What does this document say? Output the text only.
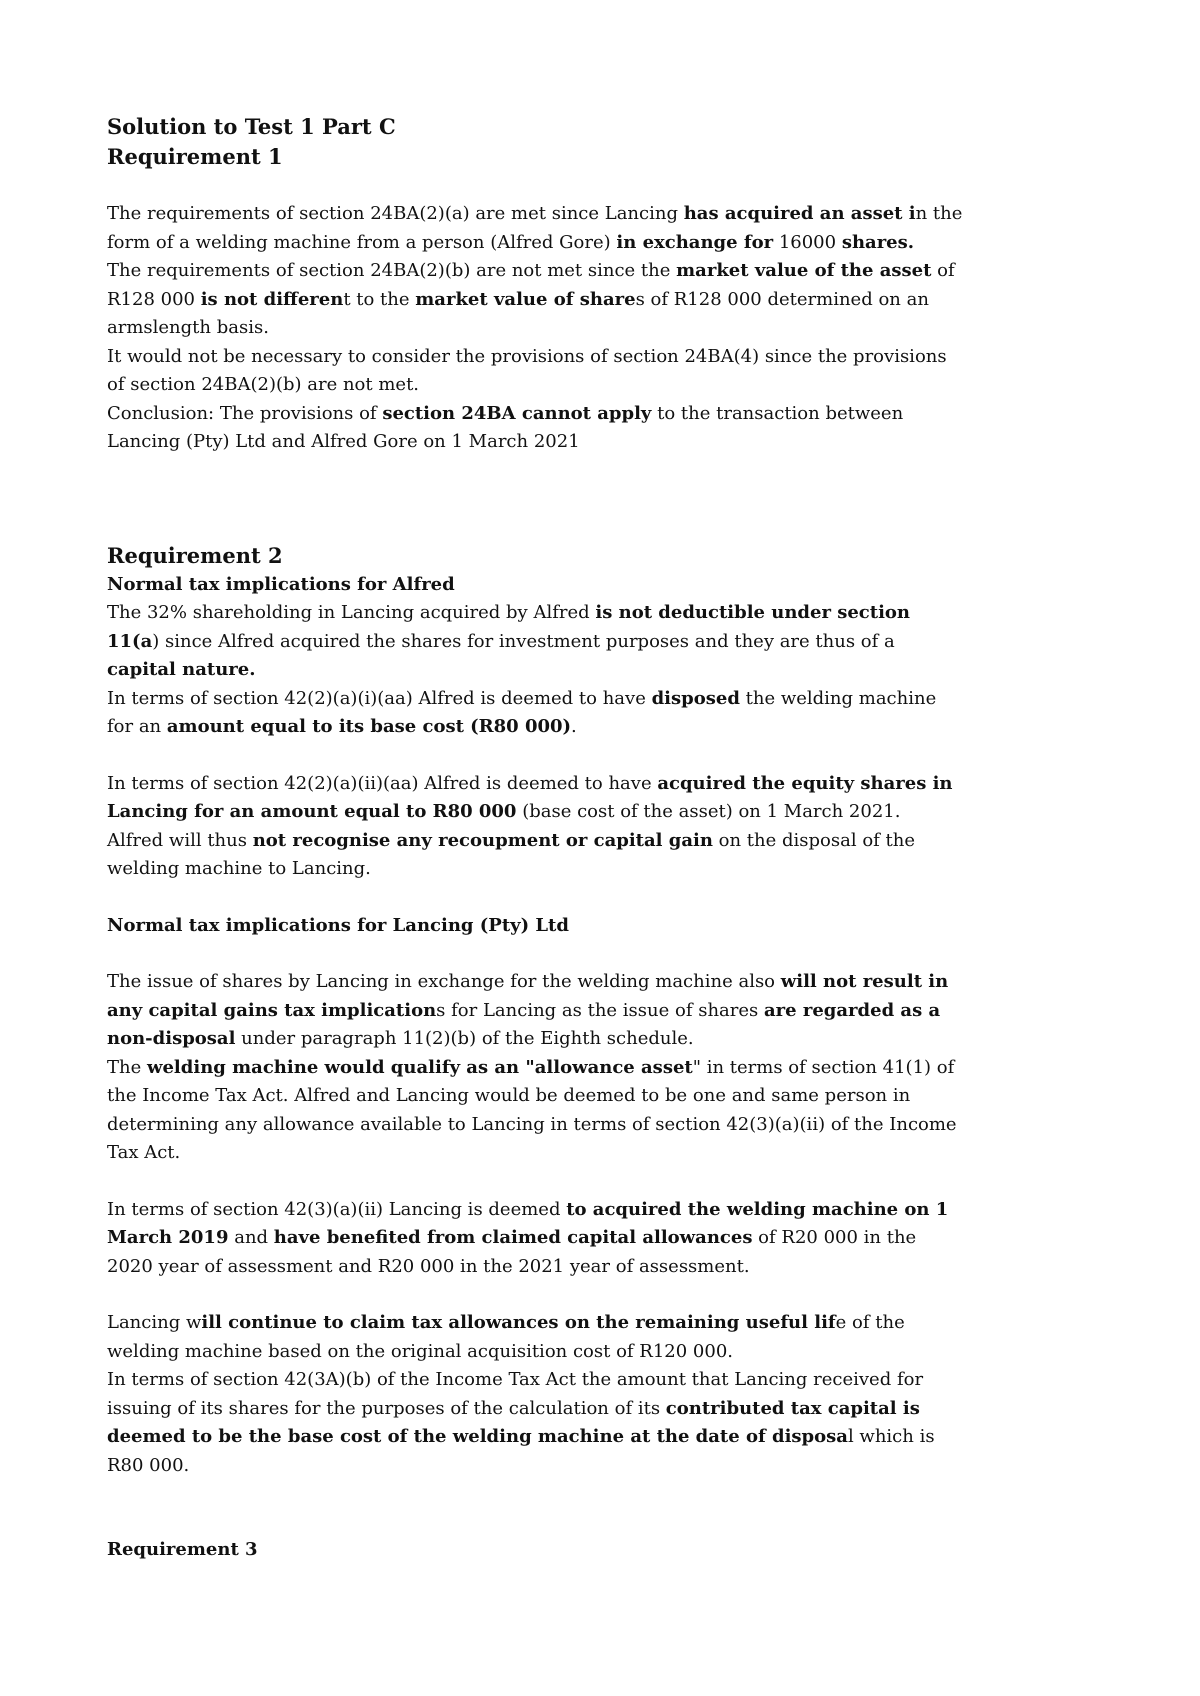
Solution to Test 1 Part C

Requirement 1

The requirements of section 24BA(2)(a) are met since Lancing has acquired an asset in the form of a welding machine from a person (Alfred Gore) in exchange for 16000 shares.

The requirements of section 24BA(2)(b) are not met since the market value of the asset of R128 000 is not different to the market value of shares of R128 000 determined on an armslength basis.

It would not be necessary to consider the provisions of section 24BA(4) since the provisions of section 24BA(2)(b) are not met.

Conclusion: The provisions of section 24BA cannot apply to the transaction between Lancing (Pty) Ltd and Alfred Gore on 1 March 2021

Requirement 2

Normal tax implications for Alfred

The 32% shareholding in Lancing acquired by Alfred is not deductible under section 11(a) since Alfred acquired the shares for investment purposes and they are thus of a capital nature.

In terms of section 42(2)(a)(i)(aa) Alfred is deemed to have disposed the welding machine for an amount equal to its base cost (R80 000).

In terms of section 42(2)(a)(ii)(aa) Alfred is deemed to have acquired the equity shares in Lancing for an amount equal to R80 000 (base cost of the asset) on 1 March 2021.

Alfred will thus not recognise any recoupment or capital gain on the disposal of the welding machine to Lancing.

Normal tax implications for Lancing (Pty) Ltd

The issue of shares by Lancing in exchange for the welding machine also will not result in any capital gains tax implications for Lancing as the issue of shares are regarded as a non-disposal under paragraph 11(2)(b) of the Eighth schedule.

The welding machine would qualify as an "allowance asset" in terms of section 41(1) of the Income Tax Act. Alfred and Lancing would be deemed to be one and same person in determining any allowance available to Lancing in terms of section 42(3)(a)(ii) of the Income Tax Act.

In terms of section 42(3)(a)(ii) Lancing is deemed to acquired the welding machine on 1 March 2019 and have benefited from claimed capital allowances of R20 000 in the 2020 year of assessment and R20 000 in the 2021 year of assessment.

Lancing will continue to claim tax allowances on the remaining useful life of the welding machine based on the original acquisition cost of R120 000.

In terms of section 42(3A)(b) of the Income Tax Act the amount that Lancing received for issuing of its shares for the purposes of the calculation of its contributed tax capital is deemed to be the base cost of the welding machine at the date of disposal which is R80 000.

Requirement 3
